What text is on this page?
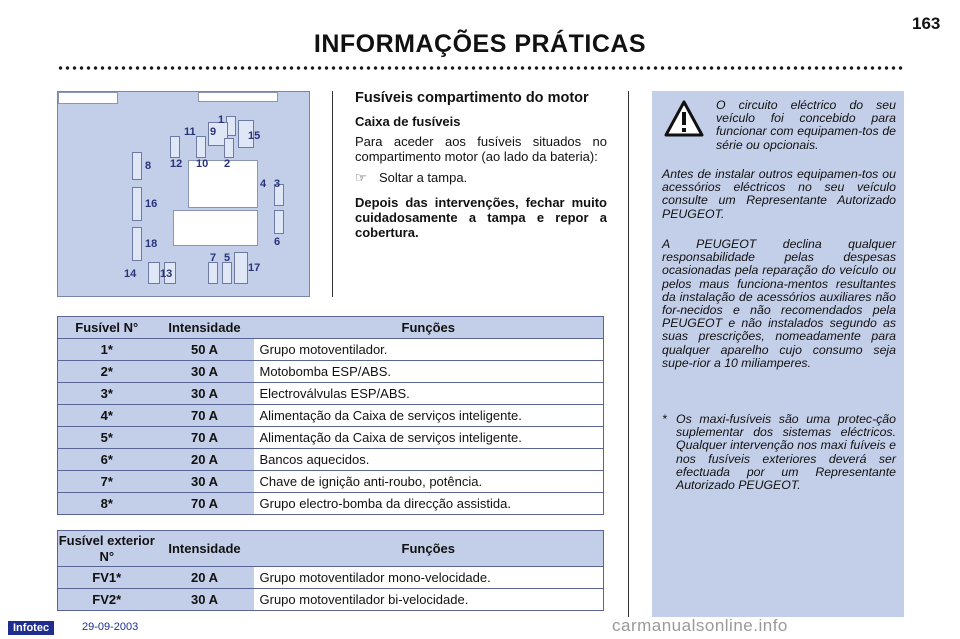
163
INFORMAÇÕES PRÁTICAS
1
11 9	15
12 10 2
8
16
4 3
6
18
7 5
14 13	17
Fusíveis compartimento do motor
Caixa de fusíveis

Para aceder aos fusíveis situados no compartimento motor (ao lado da bateria):

☞ Soltar a tampa.

Depois das intervenções, fechar muito cuidadosamente a tampa e repor a cobertura.

O circuito eléctrico do seu veículo foi concebido para funcionar com equipamen-tos de série ou opcionais.
Antes de instalar outros equipamen-tos ou acessórios eléctricos no seu veículo consulte um Representante Autorizado PEUGEOT.
A PEUGEOT declina qualquer responsabilidade pelas despesas ocasionadas pela reparação do veículo ou pelos maus funciona-mentos resultantes da instalação de acessórios auxiliares não for-necidos e não recomendados pela PEUGEOT e não instalados segundo as suas prescrições, nomeadamente para qualquer aparelho cujo consumo seja supe-rior a 10 miliamperes.
* Os maxi-fusíveis são uma protec-ção suplementar dos sistemas eléctricos. Qualquer intervenção nos maxi fuíveis e nos fusíveis exteriores deverá ser efectuada por um Representante Autorizado PEUGEOT.
Fusível N°	Intensidade	Funções
1*	50 A	Grupo motoventilador.
2*	30 A	Motobomba ESP/ABS.
3*	30 A	Electroválvulas ESP/ABS.
4*	70 A	Alimentação da Caixa de serviços inteligente.
5*	70 A	Alimentação da Caixa de serviços inteligente.
6*	20 A	Bancos aquecidos.
7*	30 A	Chave de ignição anti-roubo, potência.
8*	70 A	Grupo electro-bomba da direcção assistida.
Fusível exterior N°	Intensidade	Funções
FV1*	20 A	Grupo motoventilador mono-velocidade.
FV2*	30 A	Grupo motoventilador bi-velocidade.
Infotec	29-09-2003	carmanualsonline.info
